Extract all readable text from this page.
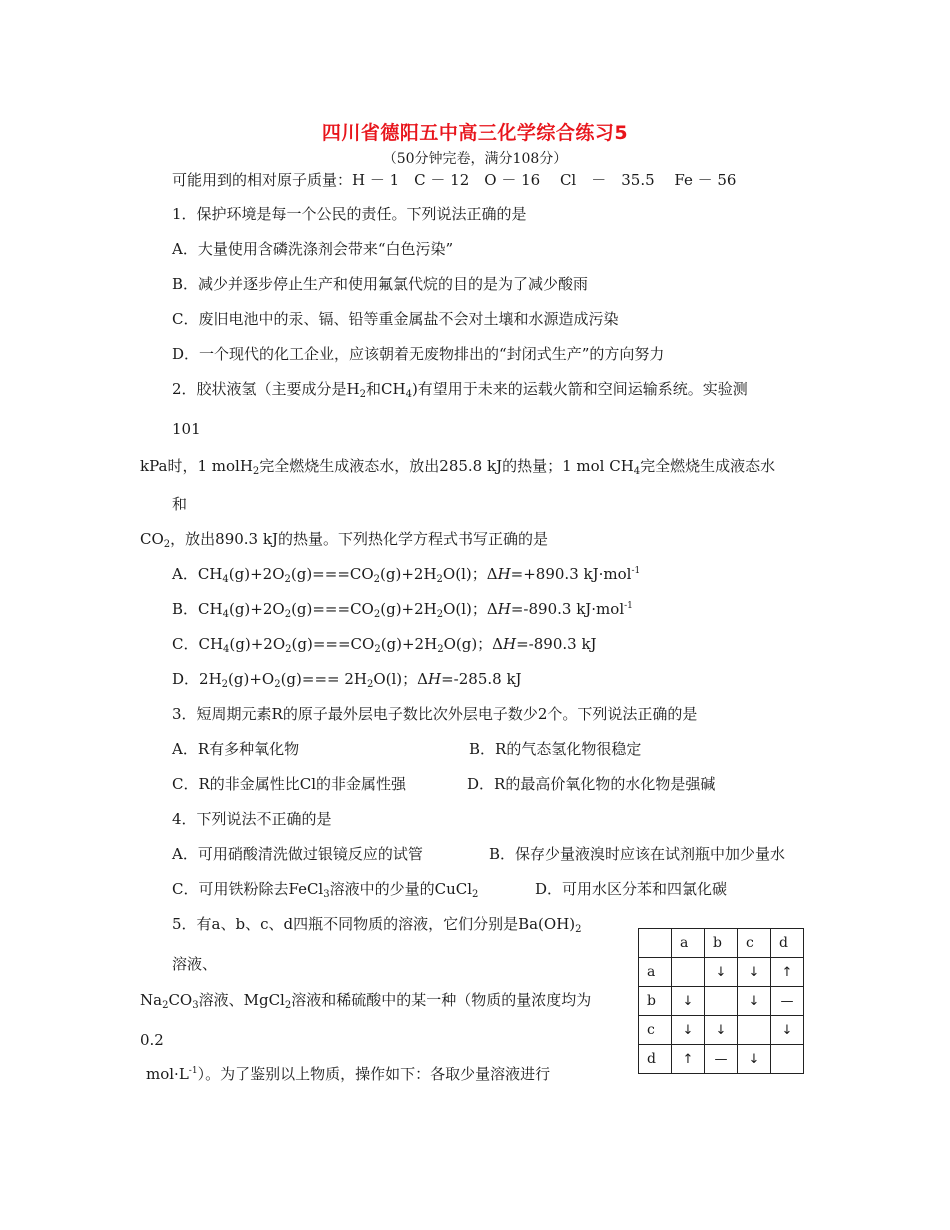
四川省德阳五中高三化学综合练习5
（50分钟完卷，满分108分）
可能用到的相对原子质量：H － 1　C － 12　O － 16　 Cl　－　35.5　 Fe － 56
1．保护环境是每一个公民的责任。下列说法正确的是
A．大量使用含磷洗涤剂会带来“白色污染”
B．减少并逐步停止生产和使用氟氯代烷的目的是为了减少酸雨
C．废旧电池中的汞、镉、铅等重金属盐不会对土壤和水源造成污染
D．一个现代的化工企业，应该朝着无废物排出的“封闭式生产”的方向努力
2．胶状液氢（主要成分是$H_2$和$CH_4$)有望用于未来的运载火箭和空间运输系统。实验测
101
kPa时，1 molH$_2$完全燃烧生成液态水，放出285.8 kJ的热量；1 mol $CH_4$完全燃烧生成液态水
和
$CO_2$，放出890.3 kJ的热量。下列热化学方程式书写正确的是
A．$CH_4(g)+2O_2(g)===CO_2(g)+2H_2O(l)$；ΔH=+890.3 kJ·mol$^{-1}$
B．$CH_4(g)+2O_2(g)===CO_2(g)+2H_2O(l)$；ΔH=-890.3 kJ·mol$^{-1}$
C．$CH_4(g)+2O_2(g)===CO_2(g)+2H_2O(g)$；ΔH=-890.3 kJ
D．$2H_2(g)+O_2(g)=== 2H_2O(l)$；ΔH=-285.8 kJ
3．短周期元素R的原子最外层电子数比次外层电子数少2个。下列说法正确的是
A．R有多种氧化物	B．R的气态氢化物很稳定
C．R的非金属性比Cl的非金属性强	D．R的最高价氧化物的水化物是强碱
4．下列说法不正确的是
A．可用硝酸清洗做过银镜反应的试管	B．保存少量液溴时应该在试剂瓶中加少量水
C．可用铁粉除去FeCl$_3$溶液中的少量的CuCl$_2$	D．可用水区分苯和四氯化碳
5．有a、b、c、d四瓶不同物质的溶液，它们分别是$Ba(OH)_2$
溶液、
$Na_2CO_3$溶液、MgCl$_2$溶液和稀硫酸中的某一种（物质的量浓度均为
0.2
$mol\cdot L^{-1}$）。为了鉴别以上物质，操作如下：各取少量溶液进行
	a	b	c	d
a		↓	↓	↑
b	↓		↓	—
c	↓	↓		↓
d	↑	—	↓	
